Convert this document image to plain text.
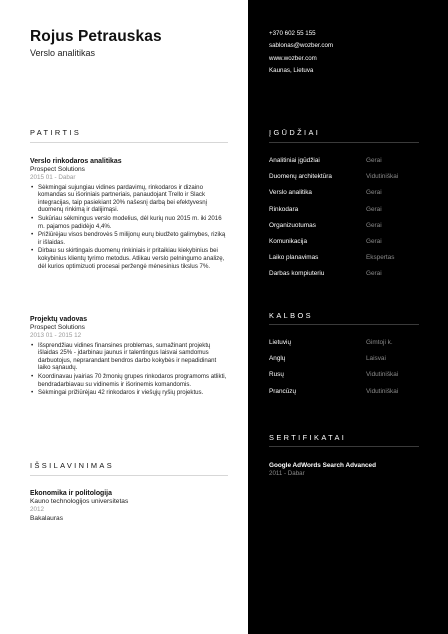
Rojus Petrauskas
Verslo analitikas
PATIRTIS
Verslo rinkodaros analitikas
Prospect Solutions
2015 01 - Dabar
• Sėkmingai sujungiau vidines pardavimų, rinkodaros ir dizaino komandas su išoriniais partneriais, panaudojant Trello ir Slack integracijas, taip pasiekiant 20% našesnį darbą bei efektyvesnį duomenų rinkimą ir dalijimąsi.
• Sukūriau sėkmingus verslo modelius, dėl kurių nuo 2015 m. iki 2016 m. pajamos padidėjo 4,4%.
• Prižiūrėjau visos bendrovės 5 milijonų eurų biudžeto galimybes, riziką ir išlaidas.
• Dirbau su skirtingais duomenų rinkiniais ir pritaikiau kiekybinius bei kokybinius klientų tyrimo metodus. Atlikau verslo pelningumo analizę, dėl kurios optimizuoti procesai peržengė mėnesinius tikslus 7%.
Projektų vadovas
Prospect Solutions
2013 01 - 2015 12
• Išsprendžiau vidines finansines problemas, sumažinant projektų išlaidas 25% - įdarbinau jaunus ir talentingus laisvai samdomus darbuotojus, neprarandant bendros darbo kokybės ir nepadidinant laiko sąnaudų.
• Koordinavau įvairias 70 žmonių grupes rinkodaros programoms atlikti, bendradarbiavau su vidinemis ir išorinemis komandomis.
• Sėkmingai prižiūrėjau 42 rinkodaros ir viešųjų ryšių projektus.
IŠSILAVINIMAS
Ekonomika ir politologija
Kauno technologijos universitetas
2012
Bakalauras
+370 602 55 155
sablonas@wozber.com
www.wozber.com
Kaunas, Lietuva
ĮGŪDŽIAI
Analitiniai įgūdžiai	Gerai
Duomenų architektūra	Vidutiniškai
Verslo analitika	Gerai
Rinkodara	Gerai
Organizuotumas	Gerai
Komunikacija	Gerai
Laiko planavimas	Ekspertas
Darbas kompiuteriu	Gerai
KALBOS
Lietuvių	Gimtoji k.
Anglų	Laisvai
Rusų	Vidutiniškai
Prancūzų	Vidutiniškai
SERTIFIKATAI
Google AdWords Search Advanced
2011 - Dabar
